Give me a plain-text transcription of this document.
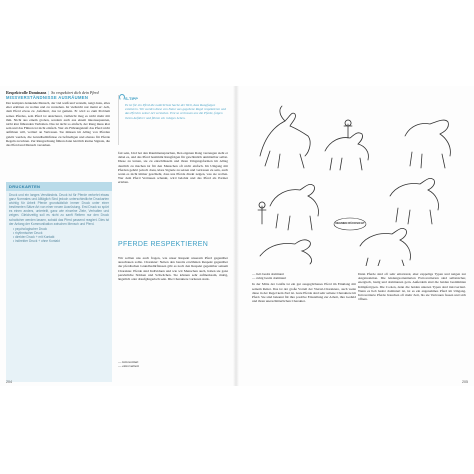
Respektvolle Dominanz | So respektiert dich dein Pferd
MISSVERSTÄNDNISSE AUSRÄUMEN

Der komplex denkende Mensch, der viel weiß und versteht, neigt dazu, alles eher erklären zu wollen und zu verstehen. Ist vielleicht nur meint er: Ach, dem Pferd etwas zu ‚befehlen', das ist gemein. Er wird so zum Problem seines Pferdes, sein Pferd ist unsicherer, vielleicht mag es nicht mehr mit ihm. Nicht aus einem groben, sondern auch aus einem inkonsequenten, nicht klar führenden Verhalten. Das ist nicht so einfach, der Rang muss klar sein und das Führen ist nicht einfach. Wer als Führungskraft das Pferd nicht anführen will, verliert an Vertrauen. Sie müssen im Alltag von Pferden gelebt werden, die Grundbedürfnisse zu befriedigen und ebenso für Pferde Regeln zu lehren. Zur Rangordnung führen dann letztlich kleine Signale, die das Pferd und Mensch verstehen.

DRUCKARTEN
Druck und ein langes Verständnis. Druck ist für Pferde verkehrt etwas ganz Normales und Alltäglich Sind jedoch unterschiedliche Druckarten wichtig für Arbeit Pferde grundsätzlich immer Druck unter einer bestimmten Sätze Art von einer neuen Ausrüstung. Erst Druck so spürt es einen anders, unterteilt, ganz wie einzelne Ziele, Verhalten und zeigen. Gleichzeitig soll es nicht zu sanft Reitern nur den Druck schwächer werden lassen, sobald das Pferd passend reagiert. Dies ist der Anfang der Kommunikation zwischen Mensch und Pferd.
• psychologischer Druck
• rhythmischer Druck
• direkter Druck + mit Kontakt
• indirekter Druck + ohne Kontakt
S-TIPP
Es ist für ein Pferd die natürlichste Sache der Welt, dass Rangfolgen existieren. Wir werden diese von Natur aus gegebene Regel respektieren und das Pferd in seiner Art verstehen. Erst so vertrauen uns die Pferde, folgen ihrem Anführer und führen ein ruhiges Leben.

fair sein, Und bei den Rauminanspruchen, Den eigenen Rang verzeugen sieht er dabei es, und das Pferd bestimmt Rangfolgen für gewöhnlich unmittelbar selbst. Diese zu lernen, sie zu entschlüsseln und ihren Umgangsformen im Alltag deutlich zu machen ist für den Menschen oft nicht einfach. Im Umgang mit Pferden gehört jedoch dazu, klare Signale zu setzen und vertrauen zu sein, auch wenn es nicht immer geschieht, dass uns Pferde direkt zeigen, was sie wollen. Wer dem Pferd Vertrauen schenkt, wird belohnt und das Pferd als Partner erleben.

PFERDE RESPEKTIEREN

Wir sollten uns auch fragen, wie unser Respekt unserem Pferd gegenüber ausschauen sollte. Charakter: Neben den bereits erwähnten Respekt gegenüber der pferdischen Grundbedürfnissen gibt es noch den Respekt gegenüber seinem Charakter. Pferde sind Individuen und wie wir Menschen auch, haben sie ganz persönliche Stärken und Schwächen. Sie können sehr aufmerksam, mutig, ängstlich oder draufgängerisch sein. Die Charaktere variieren stark.

— introvertiert
— extrovertiert
NEHMEN RÜCKSICHT
— lieb besitz dominiert
— ruhig besitz dominiert

In der Mitte der Grafik ist ein gut ausgeglichenes Pferd im Einklang mit seinem Reiter. Das ist der große Vorteil der Viertel-Charaktere, auch wenn diese in der Regel kein Ziel ist. Gute Pferde sind sehr seltene Charaktere im Pferd. Sie sind bekannt für ihre positive Einstellung zur Arbeit, ihre Geduld und ihren unerschütterlichen Charakter.

Dann Pferde sind oft sehr emotional, eher zappelige Typen und neigen zur Angstreaktion. Die leistungsorientierten Extrovertierten sind selbstsicher, energisch, lustig und dominieren gern. Außerdem sind die beiden bestimmten Kämpfertypen. Die Coolen, denn die beiden unteren Typen sind introvertiert. Wenn es lieb besitz dominiert ist, ist es ein angenehmes Pferd im Umgang. Introvertierte Pferde brauchen oft mehr Zeit, bis sie Vertrauen fassen und sich öffnen.

204	205
